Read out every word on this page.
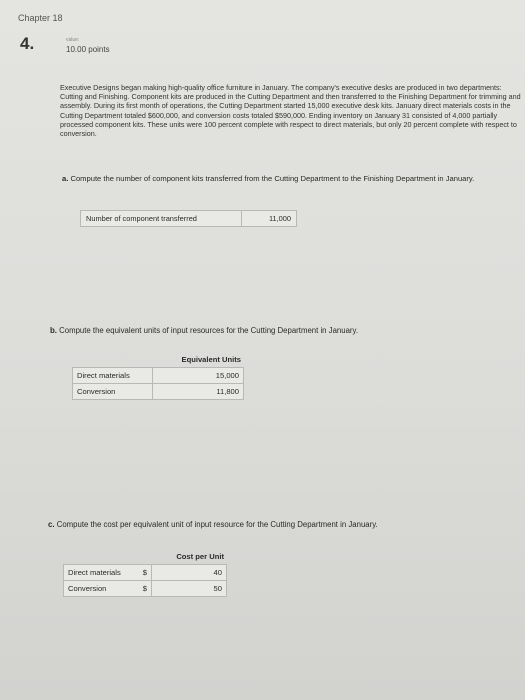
Chapter 18
4.	value:
10.00 points

Executive Designs began making high-quality office furniture in January. The company's executive desks are produced in two departments: Cutting and Finishing. Component kits are produced in the Cutting Department and then transferred to the Finishing Department for trimming and assembly. During its first month of operations, the Cutting Department started 15,000 executive desk kits. January direct materials costs in the Cutting Department totaled $600,000, and conversion costs totaled $590,000. Ending inventory on January 31 consisted of 4,000 partially processed component kits. These units were 100 percent complete with respect to direct materials, but only 20 percent complete with respect to conversion.

a. Compute the number of component kits transferred from the Cutting Department to the Finishing Department in January.

Number of component transferred	11,000

b. Compute the equivalent units of input resources for the Cutting Department in January.

Equivalent Units
Direct materials	15,000
Conversion	11,800

c. Compute the cost per equivalent unit of input resource for the Cutting Department in January.

Cost per Unit
Direct materials	$	40
Conversion	$	50
